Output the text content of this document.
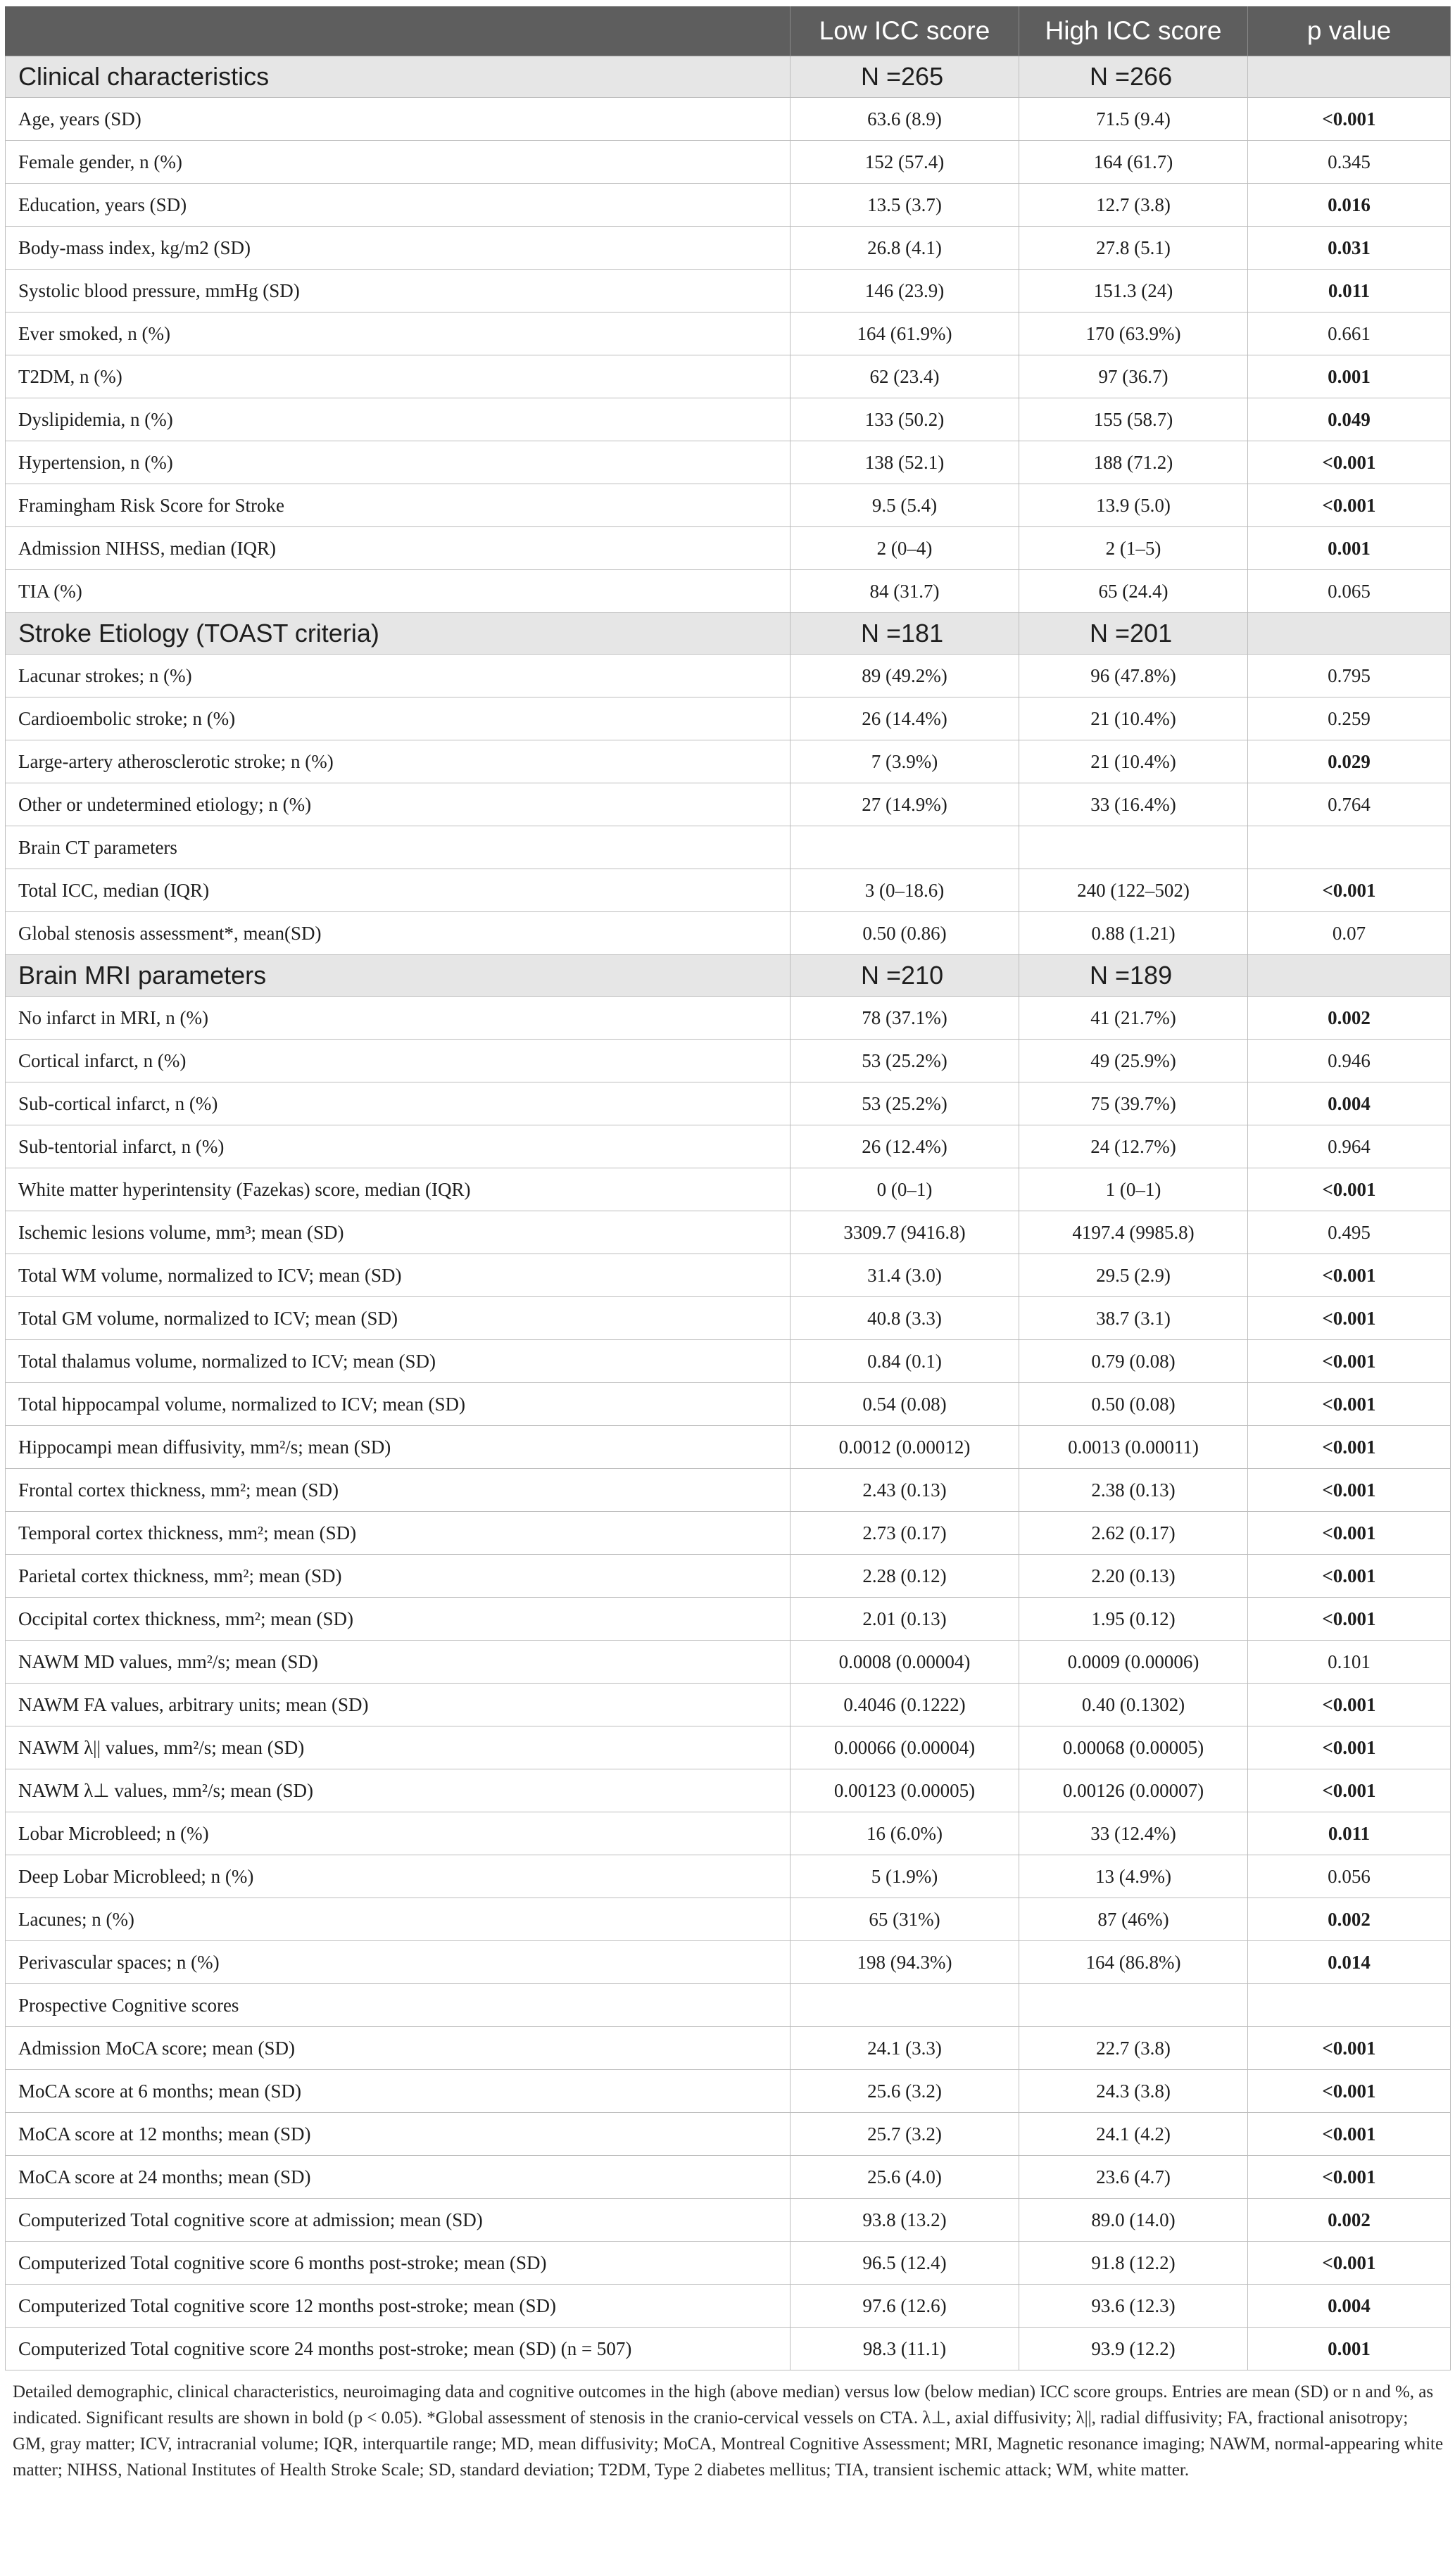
	Low ICC score	High ICC score	p value
Clinical characteristics	N =265	N =266	
Age, years (SD)	63.6 (8.9)	71.5 (9.4)	<0.001
Female gender, n (%)	152 (57.4)	164 (61.7)	0.345
Education, years (SD)	13.5 (3.7)	12.7 (3.8)	0.016
Body-mass index, kg/m2 (SD)	26.8 (4.1)	27.8 (5.1)	0.031
Systolic blood pressure, mmHg (SD)	146 (23.9)	151.3 (24)	0.011
Ever smoked, n (%)	164 (61.9%)	170 (63.9%)	0.661
T2DM, n (%)	62 (23.4)	97 (36.7)	0.001
Dyslipidemia, n (%)	133 (50.2)	155 (58.7)	0.049
Hypertension, n (%)	138 (52.1)	188 (71.2)	<0.001
Framingham Risk Score for Stroke	9.5 (5.4)	13.9 (5.0)	<0.001
Admission NIHSS, median (IQR)	2 (0–4)	2 (1–5)	0.001
TIA (%)	84 (31.7)	65 (24.4)	0.065
Stroke Etiology (TOAST criteria)	N =181	N =201	
Lacunar strokes; n (%)	89 (49.2%)	96 (47.8%)	0.795
Cardioembolic stroke; n (%)	26 (14.4%)	21 (10.4%)	0.259
Large-artery atherosclerotic stroke; n (%)	7 (3.9%)	21 (10.4%)	0.029
Other or undetermined etiology; n (%)	27 (14.9%)	33 (16.4%)	0.764
Brain CT parameters			
Total ICC, median (IQR)	3 (0–18.6)	240 (122–502)	<0.001
Global stenosis assessment*, mean(SD)	0.50 (0.86)	0.88 (1.21)	0.07
Brain MRI parameters	N =210	N =189	
No infarct in MRI, n (%)	78 (37.1%)	41 (21.7%)	0.002
Cortical infarct, n (%)	53 (25.2%)	49 (25.9%)	0.946
Sub-cortical infarct, n (%)	53 (25.2%)	75 (39.7%)	0.004
Sub-tentorial infarct, n (%)	26 (12.4%)	24 (12.7%)	0.964
White matter hyperintensity (Fazekas) score, median (IQR)	0 (0–1)	1 (0–1)	<0.001
Ischemic lesions volume, mm³; mean (SD)	3309.7 (9416.8)	4197.4 (9985.8)	0.495
Total WM volume, normalized to ICV; mean (SD)	31.4 (3.0)	29.5 (2.9)	<0.001
Total GM volume, normalized to ICV; mean (SD)	40.8 (3.3)	38.7 (3.1)	<0.001
Total thalamus volume, normalized to ICV; mean (SD)	0.84 (0.1)	0.79 (0.08)	<0.001
Total hippocampal volume, normalized to ICV; mean (SD)	0.54 (0.08)	0.50 (0.08)	<0.001
Hippocampi mean diffusivity, mm²/s; mean (SD)	0.0012 (0.00012)	0.0013 (0.00011)	<0.001
Frontal cortex thickness, mm²; mean (SD)	2.43 (0.13)	2.38 (0.13)	<0.001
Temporal cortex thickness, mm²; mean (SD)	2.73 (0.17)	2.62 (0.17)	<0.001
Parietal cortex thickness, mm²; mean (SD)	2.28 (0.12)	2.20 (0.13)	<0.001
Occipital cortex thickness, mm²; mean (SD)	2.01 (0.13)	1.95 (0.12)	<0.001
NAWM MD values, mm²/s; mean (SD)	0.0008 (0.00004)	0.0009 (0.00006)	0.101
NAWM FA values, arbitrary units; mean (SD)	0.4046 (0.1222)	0.40 (0.1302)	<0.001
NAWM λ|| values, mm²/s; mean (SD)	0.00066 (0.00004)	0.00068 (0.00005)	<0.001
NAWM λ⊥ values, mm²/s; mean (SD)	0.00123 (0.00005)	0.00126 (0.00007)	<0.001
Lobar Microbleed; n (%)	16 (6.0%)	33 (12.4%)	0.011
Deep Lobar Microbleed; n (%)	5 (1.9%)	13 (4.9%)	0.056
Lacunes; n (%)	65 (31%)	87 (46%)	0.002
Perivascular spaces; n (%)	198 (94.3%)	164 (86.8%)	0.014
Prospective Cognitive scores			
Admission MoCA score; mean (SD)	24.1 (3.3)	22.7 (3.8)	<0.001
MoCA score at 6 months; mean (SD)	25.6 (3.2)	24.3 (3.8)	<0.001
MoCA score at 12 months; mean (SD)	25.7 (3.2)	24.1 (4.2)	<0.001
MoCA score at 24 months; mean (SD)	25.6 (4.0)	23.6 (4.7)	<0.001
Computerized Total cognitive score at admission; mean (SD)	93.8 (13.2)	89.0 (14.0)	0.002
Computerized Total cognitive score 6 months post-stroke; mean (SD)	96.5 (12.4)	91.8 (12.2)	<0.001
Computerized Total cognitive score 12 months post-stroke; mean (SD)	97.6 (12.6)	93.6 (12.3)	0.004
Computerized Total cognitive score 24 months post-stroke; mean (SD) (n = 507)	98.3 (11.1)	93.9 (12.2)	0.001
Detailed demographic, clinical characteristics, neuroimaging data and cognitive outcomes in the high (above median) versus low (below median) ICC score groups. Entries are mean (SD) or n and %, as indicated. Significant results are shown in bold (p < 0.05). *Global assessment of stenosis in the cranio-cervical vessels on CTA. λ⊥, axial diffusivity; λ||, radial diffusivity; FA, fractional anisotropy; GM, gray matter; ICV, intracranial volume; IQR, interquartile range; MD, mean diffusivity; MoCA, Montreal Cognitive Assessment; MRI, Magnetic resonance imaging; NAWM, normal-appearing white matter; NIHSS, National Institutes of Health Stroke Scale; SD, standard deviation; T2DM, Type 2 diabetes mellitus; TIA, transient ischemic attack; WM, white matter.
